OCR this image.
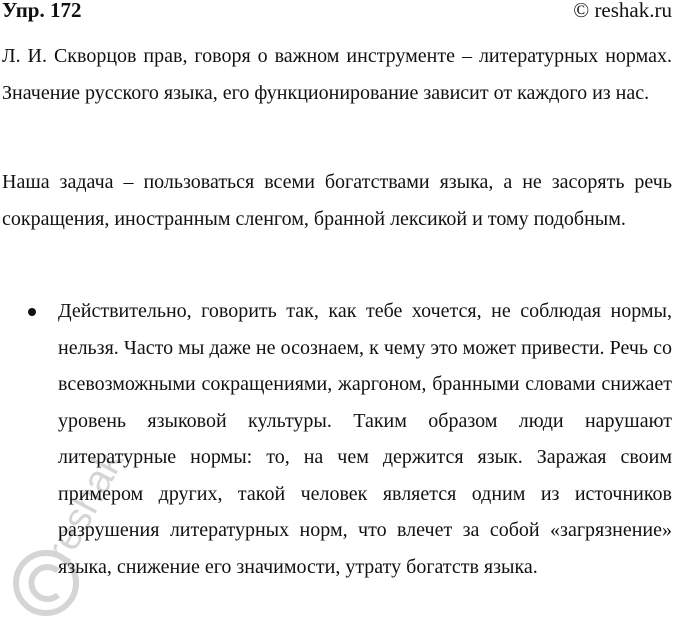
Упр. 172	© reshak.ru

Л. И. Скворцов прав, говоря о важном инструменте – литературных нормах. Значение русского языка, его функционирование зависит от каждого из нас.

Наша задача – пользоваться всеми богатствами языка, а не засорять речь сокращения, иностранным сленгом, бранной лексикой и тому подобным.

Действительно, говорить так, как тебе хочется, не соблюдая нормы, нельзя. Часто мы даже не осознаем, к чему это может привести. Речь со всевозможными сокращениями, жаргоном, бранными словами снижает уровень языковой культуры. Таким образом люди нарушают литературные нормы: то, на чем держится язык. Заражая своим примером других, такой человек является одним из источников разрушения литературных норм, что влечет за собой «загрязнение» языка, снижение его значимости, утрату богатств языка.

reshak.ru
